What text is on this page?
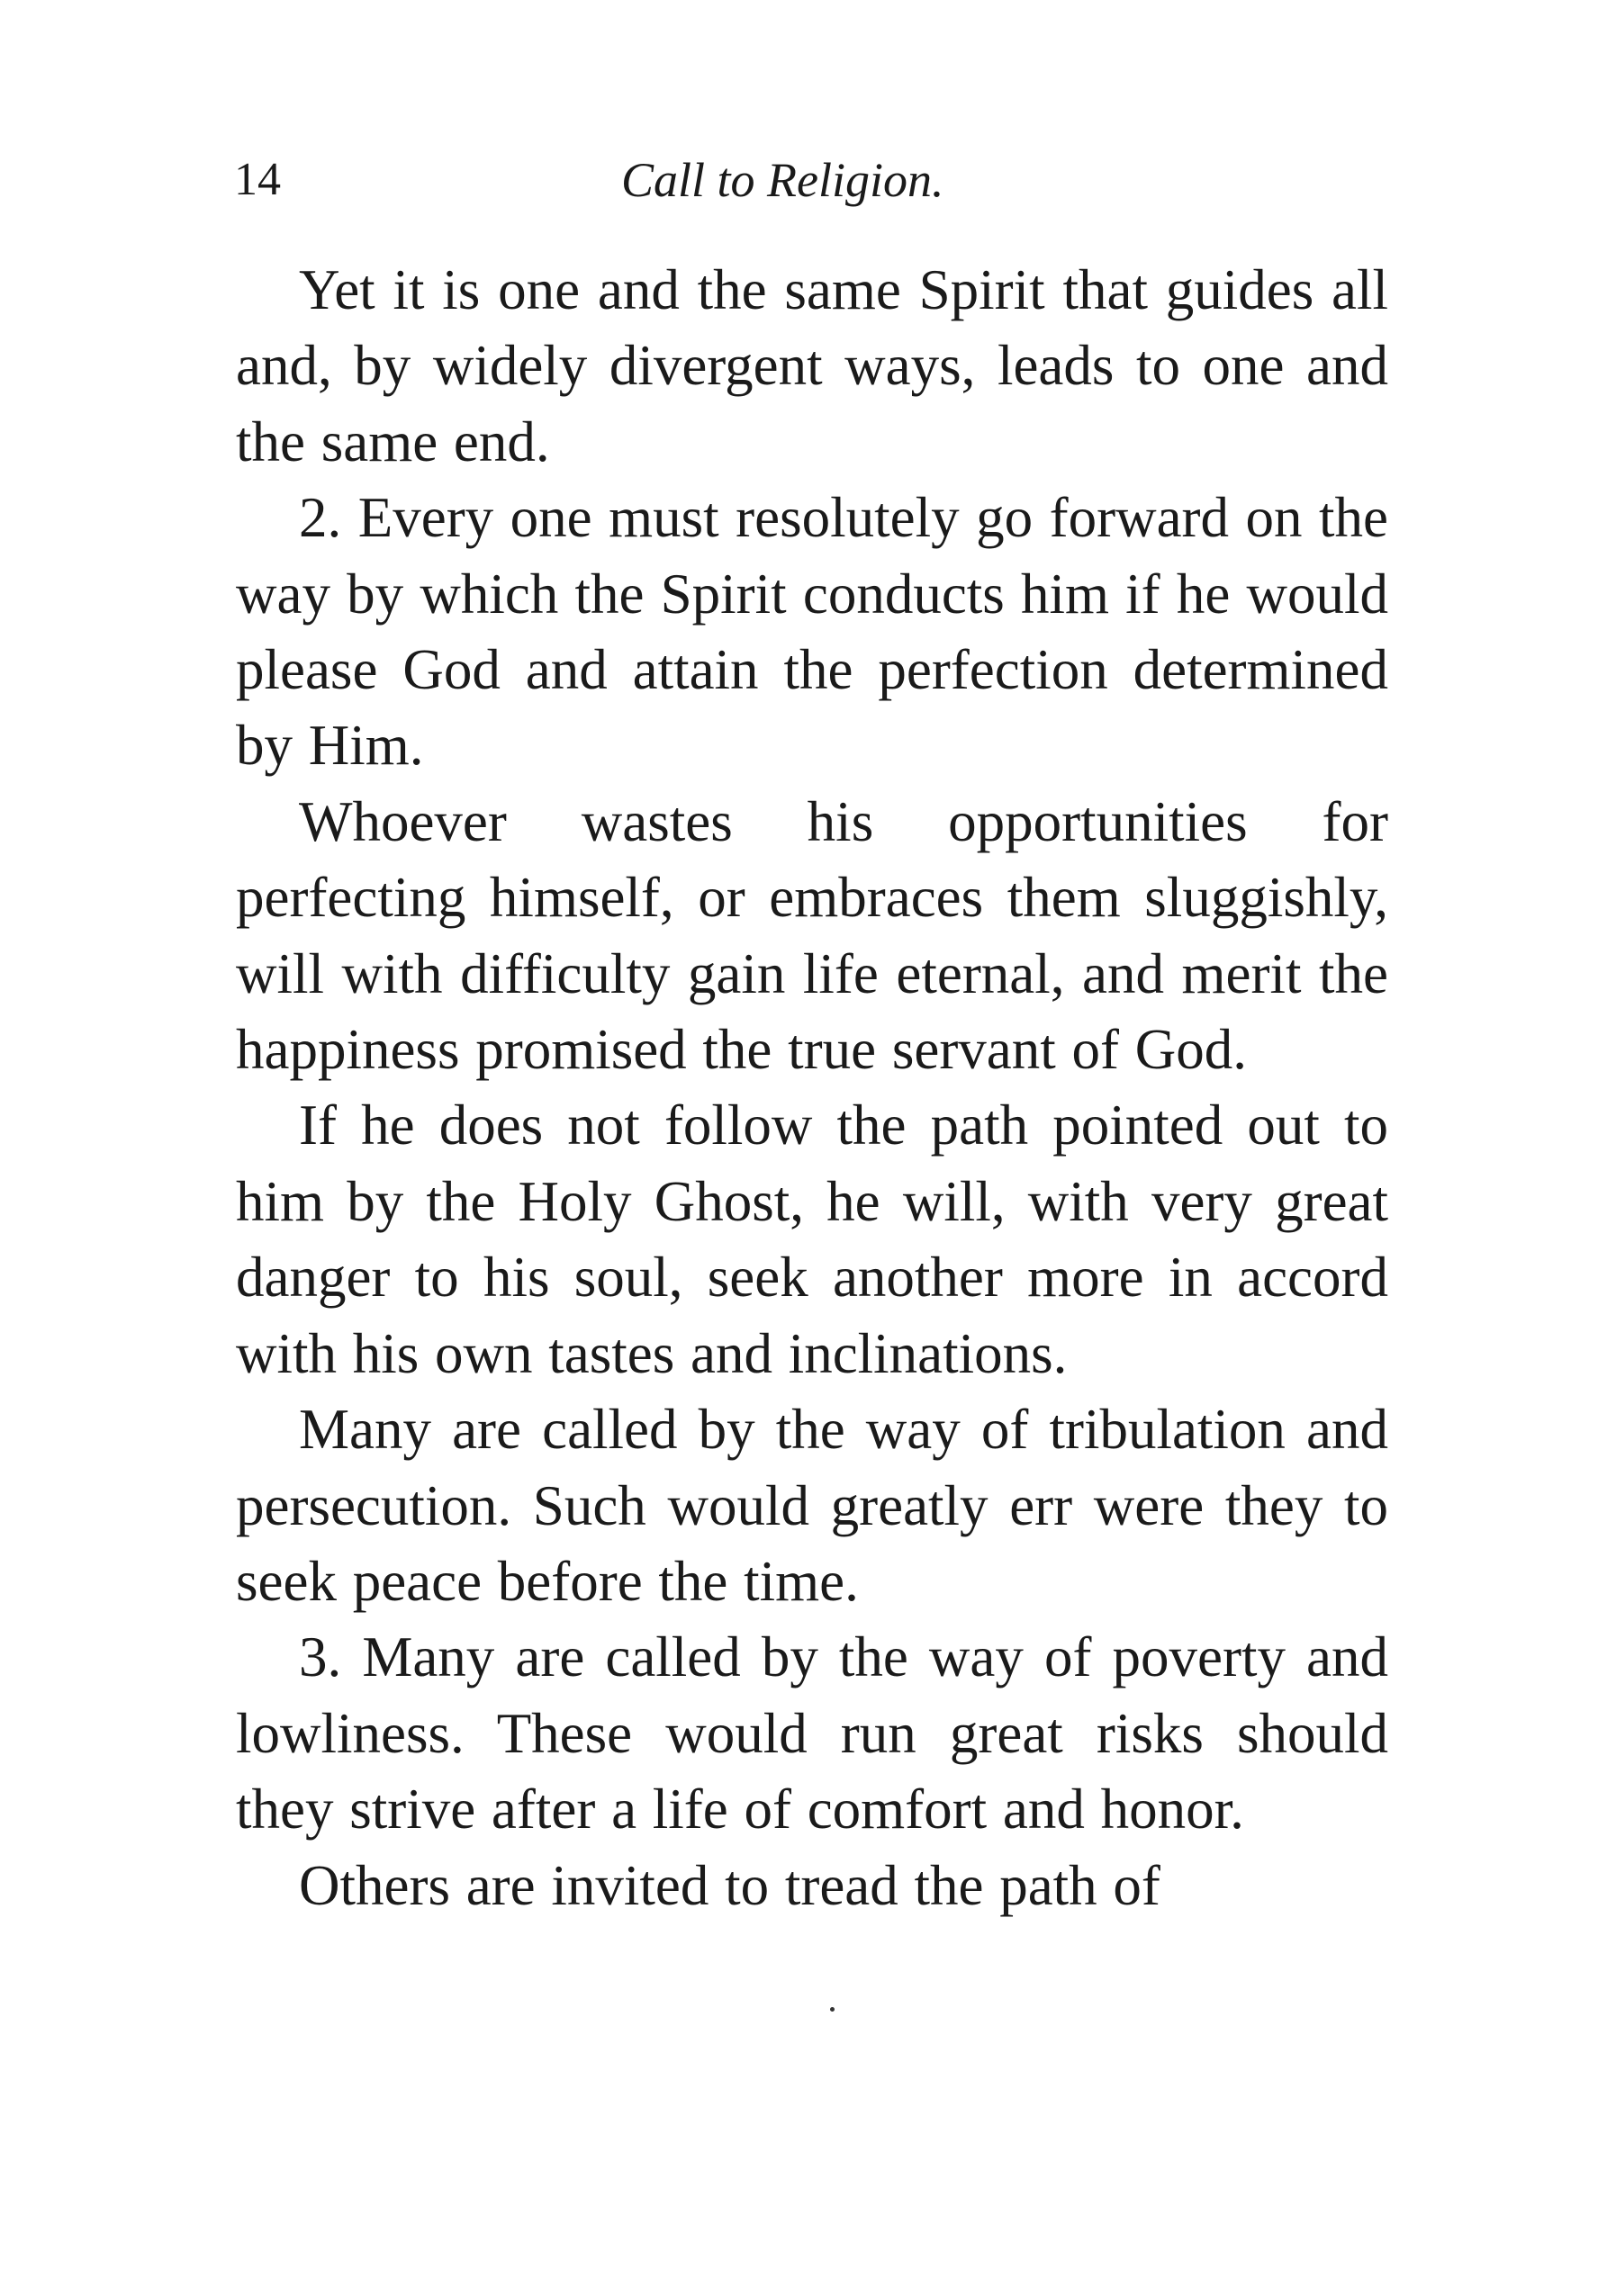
14	Call to Religion.

Yet it is one and the same Spirit that guides all and, by widely divergent ways, leads to one and the same end.

2. Every one must resolutely go forward on the way by which the Spirit conducts him if he would please God and attain the perfection determined by Him.

Whoever wastes his opportunities for perfecting himself, or embraces them sluggishly, will with difficulty gain life eternal, and merit the happiness promised the true servant of God.

If he does not follow the path pointed out to him by the Holy Ghost, he will, with very great danger to his soul, seek another more in accord with his own tastes and inclinations.

Many are called by the way of tribulation and persecution. Such would greatly err were they to seek peace before the time.

3. Many are called by the way of poverty and lowliness. These would run great risks should they strive after a life of comfort and honor.

Others are invited to tread the path of
